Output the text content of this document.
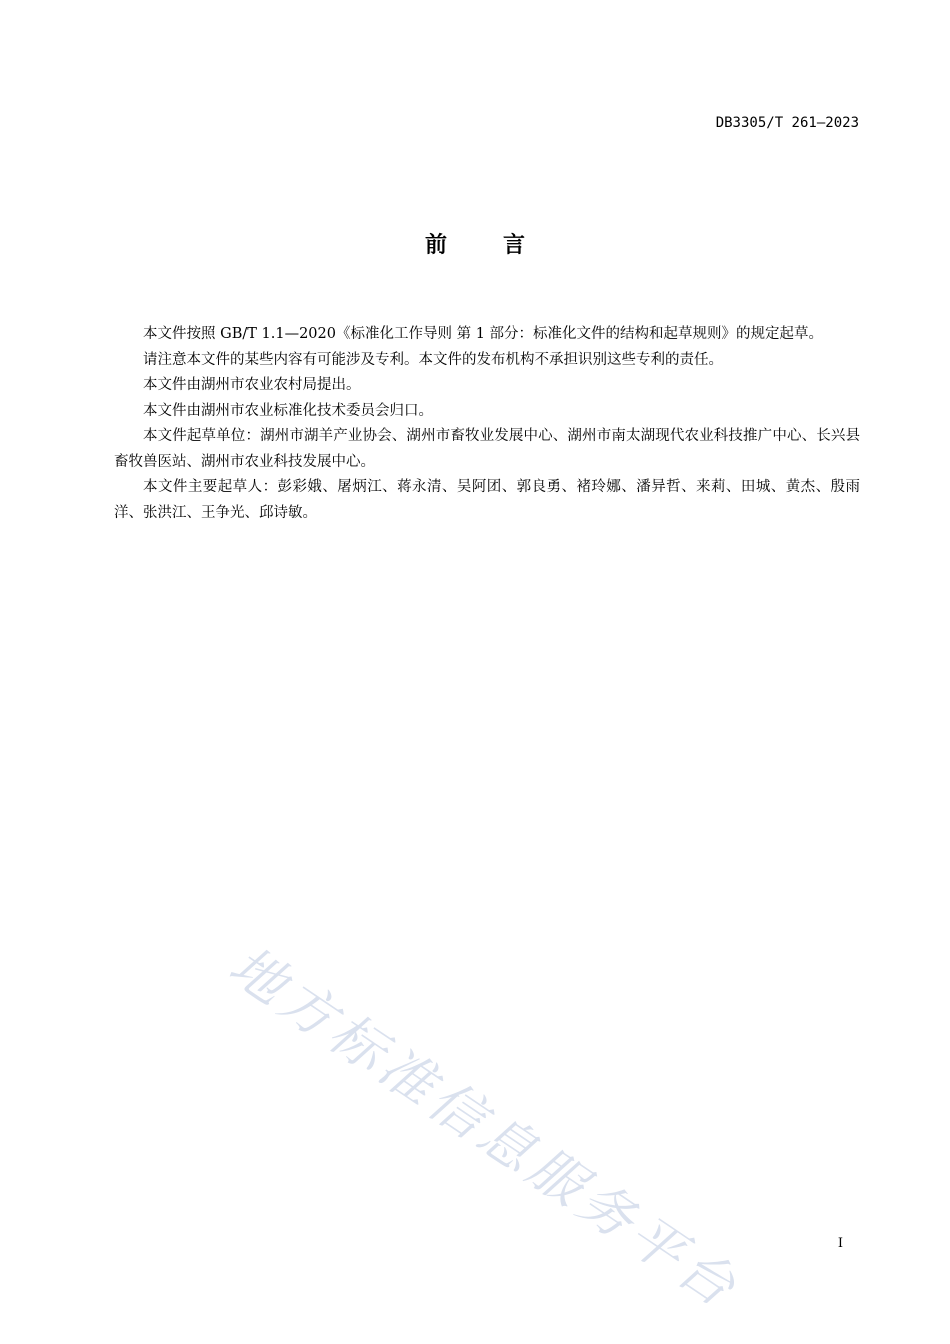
DB3305/T 261—2023
前言

本文件按照 GB/T 1.1—2020《标准化工作导则 第 1 部分：标准化文件的结构和起草规则》的规定起草。

请注意本文件的某些内容有可能涉及专利。本文件的发布机构不承担识别这些专利的责任。

本文件由湖州市农业农村局提出。

本文件由湖州市农业标准化技术委员会归口。

本文件起草单位：湖州市湖羊产业协会、湖州市畜牧业发展中心、湖州市南太湖现代农业科技推广中心、长兴县畜牧兽医站、湖州市农业科技发展中心。

本文件主要起草人：彭彩娥、屠炳江、蒋永清、吴阿团、郭良勇、褚玲娜、潘异哲、来莉、田城、黄杰、殷雨洋、张洪江、王争光、邱诗敏。

地方标准信息服务平台	I
